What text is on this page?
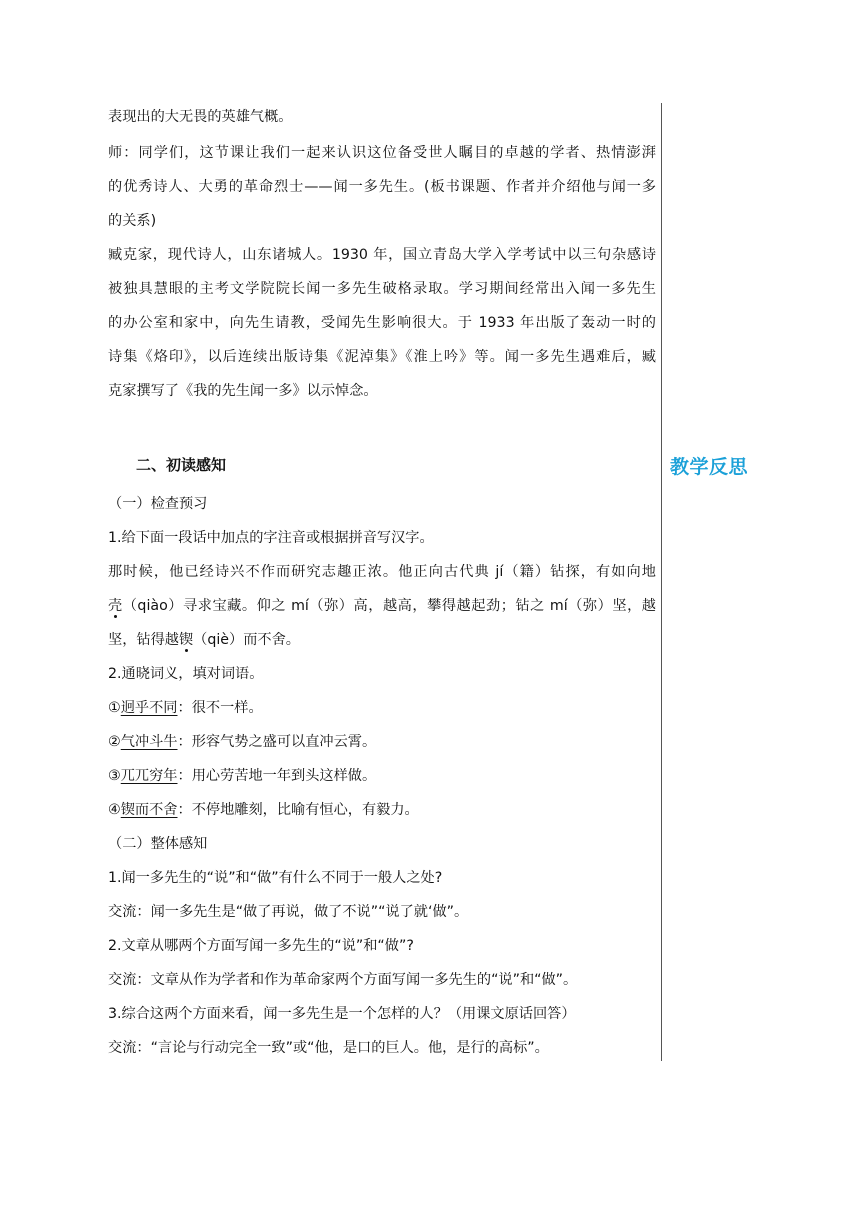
教学反思
表现出的大无畏的英雄气概。
师：同学们，这节课让我们一起来认识这位备受世人瞩目的卓越的学者、热情澎湃
的优秀诗人、大勇的革命烈士——闻一多先生。(板书课题、作者并介绍他与闻一多
的关系)
臧克家，现代诗人，山东诸城人。1930 年，国立青岛大学入学考试中以三句杂感诗
被独具慧眼的主考文学院院长闻一多先生破格录取。学习期间经常出入闻一多先生
的办公室和家中，向先生请教，受闻先生影响很大。于 1933 年出版了轰动一时的
诗集《烙印》，以后连续出版诗集《泥淖集》《淮上吟》等。闻一多先生遇难后，臧
克家撰写了《我的先生闻一多》以示悼念。
二、初读感知
（一）检查预习
1.给下面一段话中加点的字注音或根据拼音写汉字。
那时候，他已经诗兴不作而研究志趣正浓。他正向古代典 jí（籍）钻探，有如向地
壳（qiào）寻求宝藏。仰之 mí（弥）高，越高，攀得越起劲；钻之 mí（弥）坚，越
坚，钻得越锲（qiè）而不舍。
2.通晓词义，填对词语。
①迥乎不同：很不一样。
②气冲斗牛：形容气势之盛可以直冲云霄。
③兀兀穷年：用心劳苦地一年到头这样做。
④锲而不舍：不停地雕刻，比喻有恒心，有毅力。
（二）整体感知
1.闻一多先生的“说”和“做”有什么不同于一般人之处?
交流：闻一多先生是“做了再说，做了不说”“说了就‘做”。
2.文章从哪两个方面写闻一多先生的“说”和“做”?
交流：文章从作为学者和作为革命家两个方面写闻一多先生的“说”和“做”。
3.综合这两个方面来看，闻一多先生是一个怎样的人？（用课文原话回答）
交流：“言论与行动完全一致”或“他，是口的巨人。他，是行的高标”。
